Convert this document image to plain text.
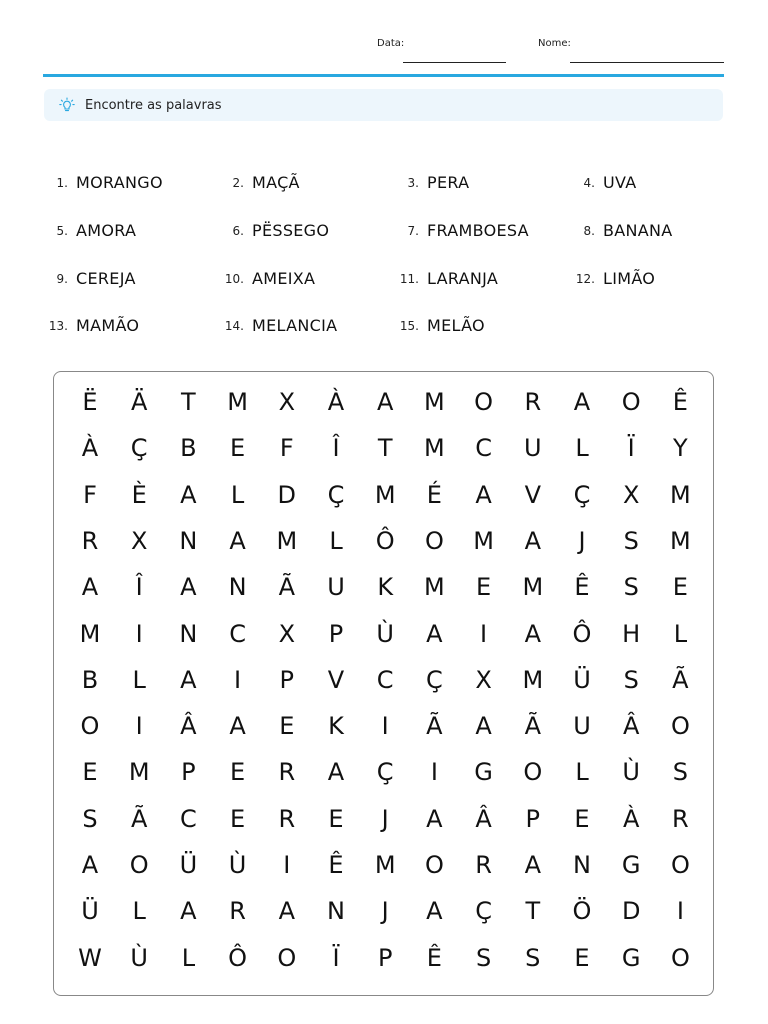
Data:	Nome:
Encontre as palavras
1. MORANGO	2. MAÇÃ	3. PERA	4. UVA
5. AMORA	6. PËSSEGO	7. FRAMBOESA	8. BANANA
9. CEREJA	10. AMEIXA	11. LARANJA	12. LIMÃO
13. MAMÃO	14. MELANCIA	15. MELÃO
Ë	Ä	T	M	X	À	A	M	O	R	A	O	Ê
À	Ç	B	E	F	Î	T	M	C	U	L	Ï	Y
F	È	A	L	D	Ç	M	É	A	V	Ç	X	M
R	X	N	A	M	L	Ô	O	M	A	J	S	M
A	Î	A	N	Ã	U	K	M	E	M	Ê	S	E
M	I	N	C	X	P	Ù	A	I	A	Ô	H	L
B	L	A	I	P	V	C	Ç	X	M	Ü	S	Ã
O	I	Â	A	E	K	I	Ã	A	Ã	U	Â	O
E	M	P	E	R	A	Ç	I	G	O	L	Ù	S
S	Ã	C	E	R	E	J	A	Â	P	E	À	R
A	O	Ü	Ù	I	Ê	M	O	R	A	N	G	O
Ü	L	A	R	A	N	J	A	Ç	T	Ö	D	I
W	Ù	L	Ô	O	Ï	P	Ê	S	S	E	G	O
